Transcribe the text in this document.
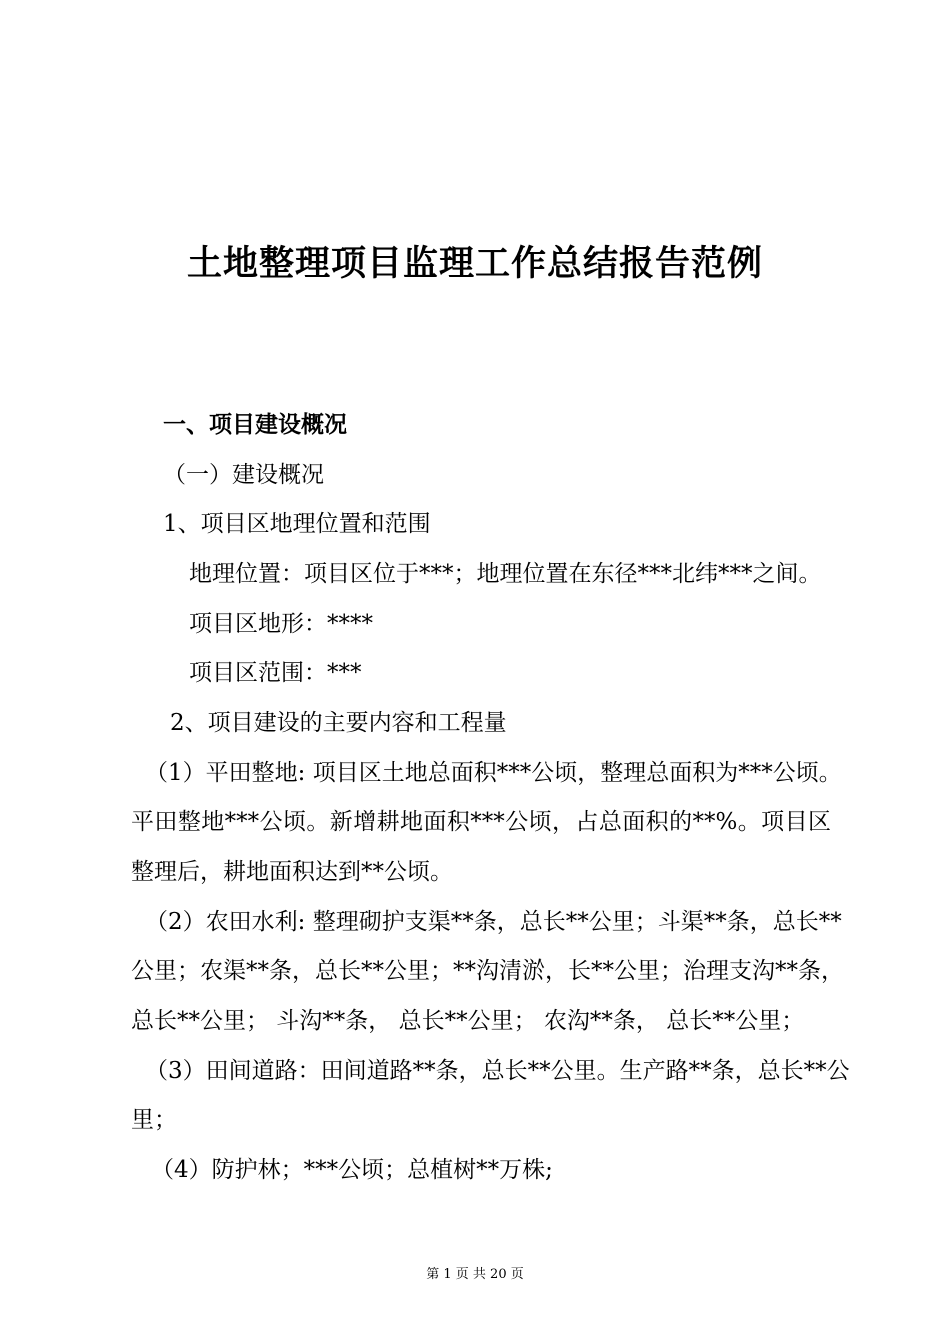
土地整理项目监理工作总结报告范例
一、项目建设概况
（一）建设概况
1、项目区地理位置和范围
地理位置：项目区位于***；地理位置在东径***北纬***之间。
项目区地形：****
项目区范围：***
2、项目建设的主要内容和工程量
（1）平田整地: 项目区土地总面积***公顷，整理总面积为***公顷。
平田整地***公顷。新增耕地面积***公顷，占总面积的**%。项目区
整理后，耕地面积达到**公顷。
（2）农田水利: 整理砌护支渠**条，总长**公里；斗渠**条，总长**
公里；农渠**条，总长**公里；**沟清淤，长**公里；治理支沟**条，
总长**公里； 斗沟**条， 总长**公里； 农沟**条， 总长**公里；
（3）田间道路：田间道路**条，总长**公里。生产路**条，总长**公
里；
（4）防护林；***公顷；总植树**万株;
第 1 页 共 20 页
